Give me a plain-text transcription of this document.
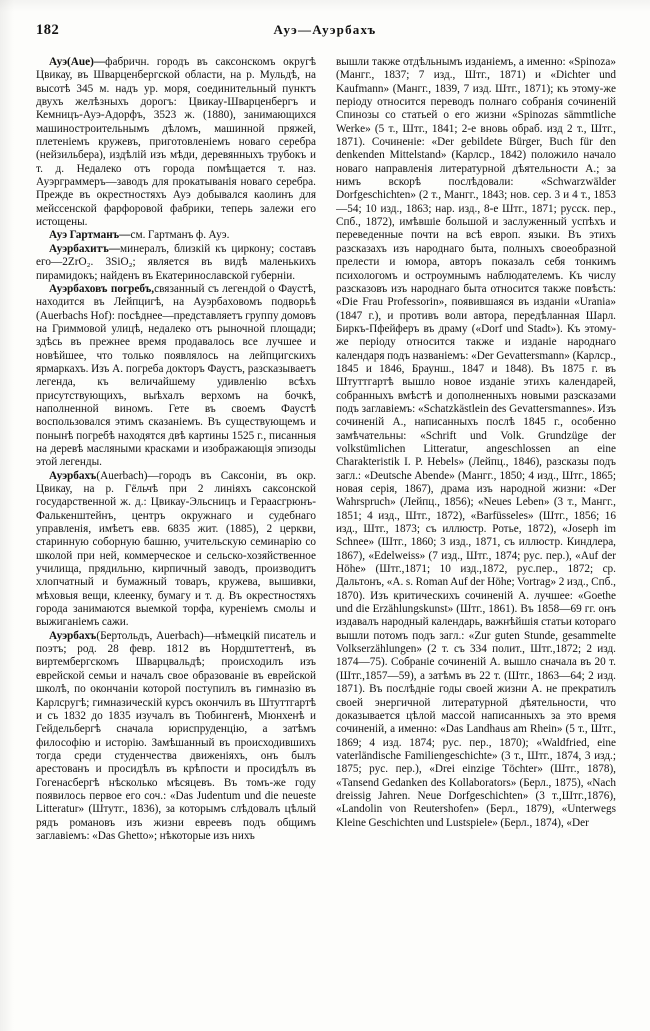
182	Ауэ—Ауэрбахъ

Ауэ(Aue)—фабричн. городъ въ саксонскомъ округѣ Цвикау, въ Шварценбергской области, на р. Мульдѣ, на высотѣ 345 м. надъ ур. моря, соединительный пунктъ двухъ желѣзныхъ дорогъ: Цвикау-Шварценбергъ и Кемницъ-Ауэ-Адорфъ, 3523 ж. (1880), занимающихся машиностроительнымъ дѣломъ, машинной пряжей, плетеніемъ кружевъ, приготовленіемъ новаго серебра (нейзильбера), издѣлій изъ мѣди, деревянныхъ трубокъ и т. д. Недалеко отъ города помѣщается т. наз. Ауэрграммеръ—заводъ для прокатыванія новаго серебра. Прежде въ окрестностяхъ Ауэ добывался каолинъ для мейссенской фарфоровой фабрики, теперь залежи его истощены.

Ауэ Гартманъ—см. Гартманъ ф. Ауэ.

Ауэрбахитъ—минералъ, близкій къ циркону; составъ его—2ZrO₂. 3SiO₂; является въ видѣ маленькихъ пирамидокъ; найденъ въ Екатеринославской губерніи.

Ауэрбаховъ погребъ,связанный съ легендой о Фаустѣ, находится въ Лейпцигѣ, на Ауэрбаховомъ подворьѣ (Auerbachs Hof): посѣднее—представляетъ группу домовъ на Гриммовой улицѣ, недалеко отъ рыночной площади; здѣсь въ прежнее время продавалось все лучшее и новѣйшее, что только появлялось на лейпцигскихъ ярмаркахъ. Изъ А. погреба докторъ Фаустъ, разсказываетъ легенда, къ величайшему удивленію всѣхъ присутствующихъ, выѣхалъ верхомъ на бочкѣ, наполненной виномъ. Гете въ своемъ Фаустѣ воспользовался этимъ сказаніемъ. Въ существующемъ и понынѣ погребѣ находятся двѣ картины 1525 г., писанныя на деревѣ масляными красками и изображающія эпизоды этой легенды.

Ауэрбахъ(Auerbach)—городъ въ Саксоніи, въ окр. Цвикау, на р. Гёльчѣ при 2 линіяхъ саксонской государственной ж. д.: Цвикау-Эльсницъ и Гераасгрюнъ-Фалькенштейнъ, центръ окружнаго и судебнаго управленія, имѣетъ евв. 6835 жит. (1885), 2 церкви, старинную соборную башню, учительскую семинарію со школой при ней, коммерческое и сельско-хозяйственное училища, прядильню, кирпичный заводъ, производитъ хлопчатный и бумажный товаръ, кружева, вышивки, мѣховыя вещи, клеенку, бумагу и т. д. Въ окрестностяхъ города занимаются выемкой торфа, куреніемъ смолы и выжиганіемъ сажи.

Ауэрбахъ(Бертольдъ, Auerbach)—нѣмецкій писатель и поэтъ; род. 28 февр. 1812 въ Нордштеттенѣ, въ виртембергскомъ Шварцвальдѣ; происходилъ изъ еврейской семьи и началъ свое образованіе въ еврейской школѣ, по окончаніи которой поступилъ въ гимназію въ Карлсругѣ; гимназическій курсъ окончилъ въ Штуттгартѣ и съ 1832 до 1835 изучалъ въ Тюбингенѣ, Мюнхенѣ и Гейдельбергѣ сначала юриспруденцію, а затѣмъ философію и исторію. Замѣшанный въ происходившихъ тогда среди студенчества движеніяхъ, онъ былъ арестованъ и просидѣлъ въ крѣпости и просидѣлъ въ Гогенасбергѣ нѣсколько мѣсяцевъ. Въ томъ-же году появилось первое его соч.: «Das Judentum und die neueste Litteratur» (Штутг., 1836), за которымъ слѣдовалъ цѣлый рядъ романовъ изъ жизни евреевъ подъ общимъ заглавіемъ: «Das Ghetto»; нѣкоторые изъ нихъ

вышли также отдѣльнымъ изданіемъ, а именно: «Spinoza» (Мангг., 1837; 7 изд., Штг., 1871) и «Dichter und Kaufmann» (Мангг., 1839, 7 изд. Штг., 1871); къ этому-же періоду относится переводъ полнаго собранія сочиненій Спинозы со статьей о его жизни «Spinozas sämmtliche Werke» (5 т., Штг., 1841; 2-е вновь обраб. изд 2 т., Штг., 1871). Сочиненіе: «Der gebildete Bürger, Buch für den denkenden Mittelstand» (Карлср., 1842) положило начало новаго направленія литературной дѣятельности А.; за нимъ вскорѣ послѣдовали: «Schwarzwälder Dorfgeschichten» (2 т., Мангг., 1843; нов. сер. 3 и 4 т., 1853—54; 10 изд., 1863; нар. изд., 8-е Штг., 1871; русск. пер., Спб., 1872), имѣвшіе большой и заслуженный успѣхъ и переведенные почти на всѣ европ. языки. Въ этихъ разсказахъ изъ народнаго быта, полныхъ своеобразной прелести и юмора, авторъ показалъ себя тонкимъ психологомъ и остроумнымъ наблюдателемъ. Къ числу разсказовъ изъ народнаго быта относится также повѣсть: «Die Frau Professorin», появившаяся въ изданіи «Urania» (1847 г.), и противъ воли автора, передѣланная Шарл. Биркъ-Пфейферъ въ драму («Dorf und Stadt»). Къ этому-же періоду относится также и изданіе народнаго календаря подъ названіемъ: «Der Gevattersmann» (Карлср., 1845 и 1846, Браунш., 1847 и 1848). Въ 1875 г. въ Штуттгартѣ вышло новое изданіе этихъ календарей, собранныхъ вмѣстѣ и дополненныхъ новыми разсказами подъ заглавіемъ: «Schatzkästlein des Gevattersmannes». Изъ сочиненій А., написанныхъ послѣ 1845 г., особенно замѣчательны: «Schrift und Volk. Grundzüge der volkstümlichen Litteratur, angeschlossen an eine Charakteristik I. P. Hebels» (Лейпц., 1846), разсказы подъ загл.: «Deutsche Abende» (Мангг., 1850; 4 изд., Штг., 1865; новая серія, 1867), драма изъ народной жизни: «Der Wahrspruch» (Лейпц., 1856); «Neues Leben» (3 т., Мангг., 1851; 4 изд., Штг., 1872), «Barfüsseles» (Штг., 1856; 16 изд., Штг., 1873; съ иллюстр. Ротье, 1872), «Joseph im Schnee» (Штг., 1860; 3 изд., 1871, съ иллюстр. Киндлера, 1867), «Edelweiss» (7 изд., Штг., 1874; рус. пер.), «Auf der Höhe» (Штг.,1871; 10 изд.,1872, рус.пер., 1872; ср. Дальтонъ, «A. s. Roman Auf der Höhe; Vortrag» 2 изд., Спб., 1870). Изъ критическихъ сочиненій А. лучшее: «Goethe und die Erzählungskunst» (Штг., 1861). Въ 1858—69 гг. онъ издавалъ народный календарь, важнѣйшія статьи котораго вышли потомъ подъ загл.: «Zur guten Stunde, gesammelte Volkserzählungen» (2 т. съ 334 полит., Штг.,1872; 2 изд. 1874—75). Собраніе сочиненій А. вышло сначала въ 20 т. (Штг.,1857—59), а затѣмъ въ 22 т. (Штг., 1863—64; 2 изд. 1871). Въ послѣдніе годы своей жизни А. не прекратилъ своей энергичной литературной дѣятельности, что доказывается цѣлой массой написанныхъ за это время сочиненій, а именно: «Das Landhaus am Rhein» (5 т., Штг., 1869; 4 изд. 1874; рус. пер., 1870); «Waldfried, eine vaterländische Familiengeschichte» (3 т., Штг., 1874, 3 изд.; 1875; рус. пер.), «Drei einzige Töchter» (Штг., 1878), «Tansend Gedanken des Kollaborators» (Берл., 1875), «Nach dreissig Jahren. Neue Dorfgeschichten» (3 т.,Штг.,1876), «Landolin von Reutershofen» (Берл., 1879), «Unterwegs Kleine Geschichten und Lustspiele» (Берл., 1874), «Der
